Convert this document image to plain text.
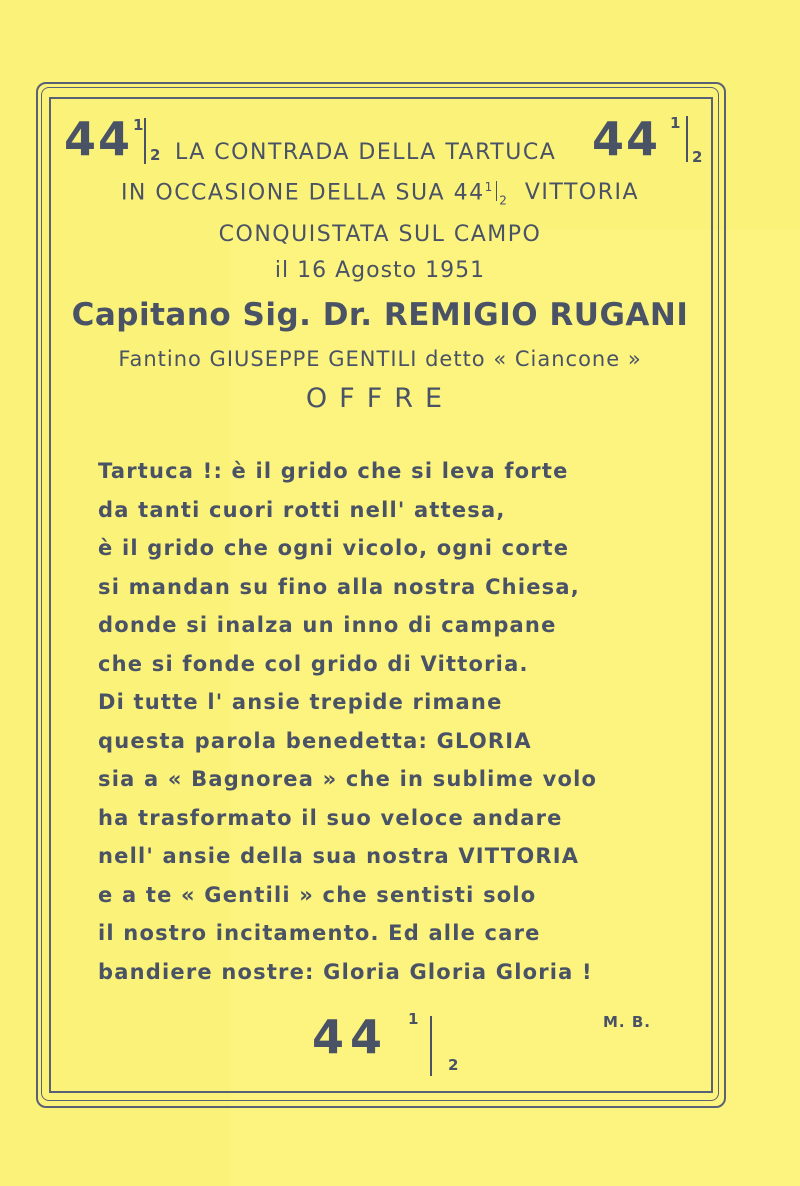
44 1
2 LA CONTRADA DELLA TARTUCA 44 1
2
IN OCCASIONE DELLA SUA $44^1_2$ VITTORIA
CONQUISTATA SUL CAMPO
il 16 Agosto 1951
Capitano Sig. Dr. REMIGIO RUGANI
Fantino GIUSEPPE GENTILI detto « Ciancone »
OFFRE
Tartuca !: è il grido che si leva forte
da tanti cuori rotti nell' attesa,
è il grido che ogni vicolo, ogni corte
si mandan su fino alla nostra Chiesa,
donde si inalza un inno di campane
che si fonde col grido di Vittoria.
Di tutte l' ansie trepide rimane
questa parola benedetta: GLORIA
sia a « Bagnorea » che in sublime volo
ha trasformato il suo veloce andare
nell' ansie della sua nostra VITTORIA
e a te « Gentili » che sentisti solo
il nostro incitamento. Ed alle care
bandiere nostre: Gloria Gloria Gloria !
44 1
2
M. B.
